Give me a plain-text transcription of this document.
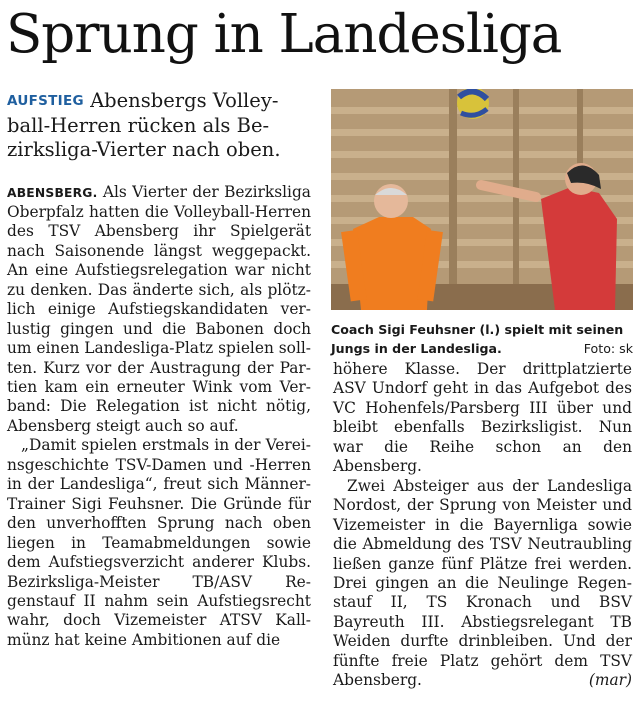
Sprung in Landesliga
AUFSTIEG Abensbergs Volleyball-Herren rücken als Bezirksliga-Vierter nach oben.

ABENSBERG. Als Vierter der Bezirksliga Oberpfalz hatten die Volleyball-Herren des TSV Abensberg ihr Spielgerät nach Saisonende längst weggepackt. An eine Aufstiegsrelegation war nicht zu denken. Das änderte sich, als plötzlich einige Aufstiegskandidaten verlustig gingen und die Babonen doch um einen Landesliga-Platz spielen sollten. Kurz vor der Austragung der Partien kam ein erneuter Wink vom Verband: Die Relegation ist nicht nötig, Abensberg steigt auch so auf.

„Damit spielen erstmals in der Vereinsgeschichte TSV-Damen und -Herren in der Landesliga“, freut sich Männer-Trainer Sigi Feuhsner. Die Gründe für den unverhofften Sprung nach oben liegen in Teamabmeldungen sowie dem Aufstiegsverzicht anderer Klubs. Bezirksliga-Meister TB/ASV Regenstauf II nahm sein Aufstiegsrecht wahr, doch Vizemeister ATSV Kallmünz hat keine Ambitionen auf die

Coach Sigi Feuhsner (l.) spielt mit seinen Jungs in der Landesliga.	Foto: sk

höhere Klasse. Der drittplatzierte ASV Undorf geht in das Aufgebot des VC Hohenfels/Parsberg III über und bleibt ebenfalls Bezirksligist. Nun war die Reihe schon an den Abensberg.

Zwei Absteiger aus der Landesliga Nordost, der Sprung von Meister und Vizemeister in die Bayernliga sowie die Abmeldung des TSV Neutraubling ließen ganze fünf Plätze frei werden. Drei gingen an die Neulinge Regenstauf II, TS Kronach und BSV Bayreuth III. Abstiegsrelegant TB Weiden durfte drinbleiben. Und der fünfte freie Platz gehört dem TSV Abensberg.	(mar)
